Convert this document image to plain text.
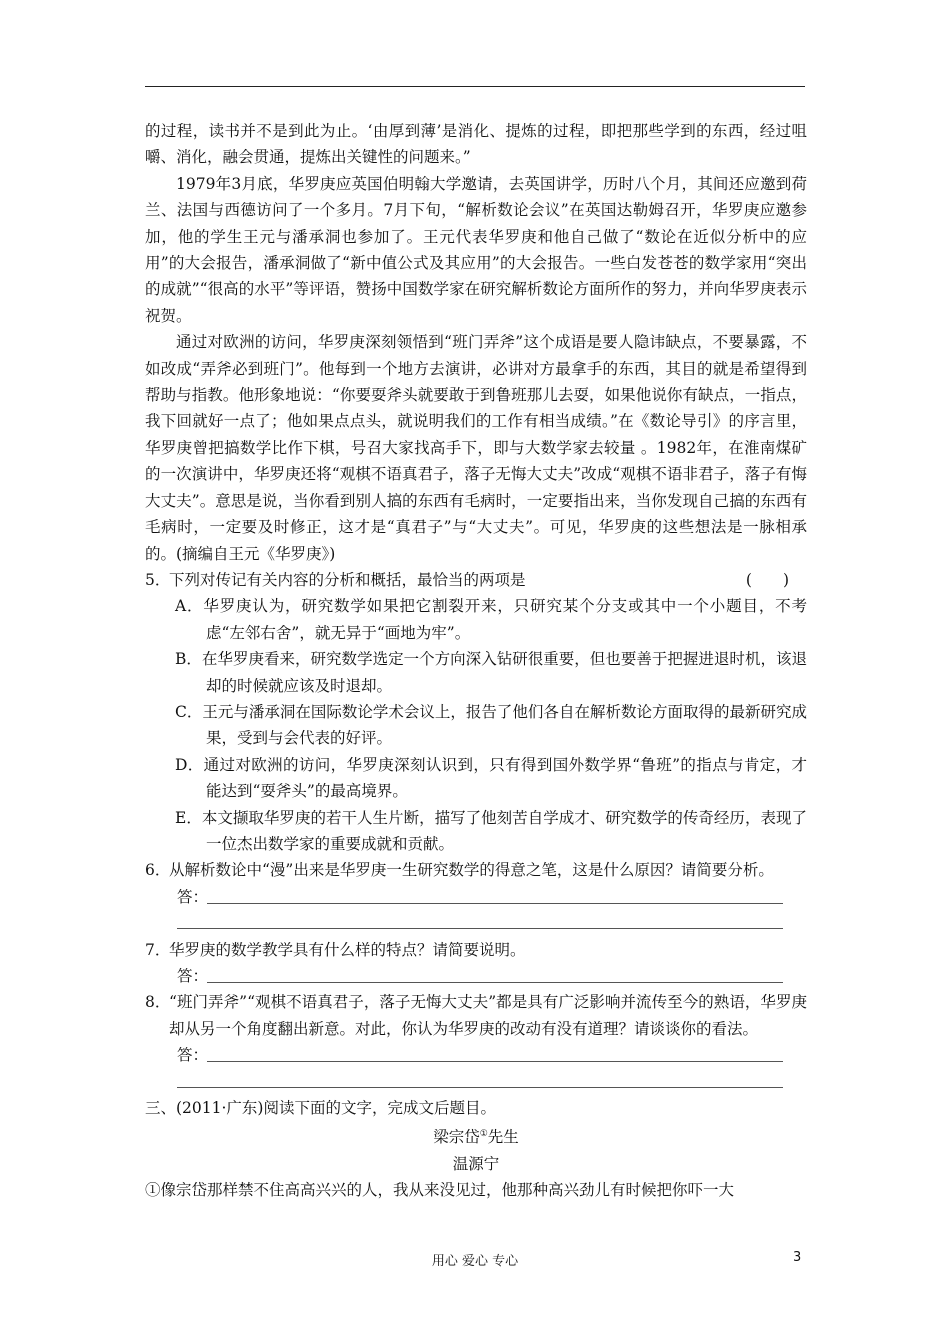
的过程，读书并不是到此为止。‘由厚到薄’是消化、提炼的过程，即把那些学到的东西，经过咀嚼、消化，融会贯通，提炼出关键性的问题来。”

1979年3月底，华罗庚应英国伯明翰大学邀请，去英国讲学，历时八个月，其间还应邀到荷兰、法国与西德访问了一个多月。7月下旬，“解析数论会议”在英国达勒姆召开，华罗庚应邀参加，他的学生王元与潘承洞也参加了。王元代表华罗庚和他自己做了“数论在近似分析中的应用”的大会报告，潘承洞做了“新中值公式及其应用”的大会报告。一些白发苍苍的数学家用“突出的成就”“很高的水平”等评语，赞扬中国数学家在研究解析数论方面所作的努力，并向华罗庚表示祝贺。

通过对欧洲的访问，华罗庚深刻领悟到“班门弄斧”这个成语是要人隐讳缺点，不要暴露，不如改成“弄斧必到班门”。他每到一个地方去演讲，必讲对方最拿手的东西，其目的就是希望得到帮助与指教。他形象地说：“你要耍斧头就要敢于到鲁班那儿去耍，如果他说你有缺点，一指点，我下回就好一点了；他如果点点头，就说明我们的工作有相当成绩。”在《数论导引》的序言里，华罗庚曾把搞数学比作下棋，号召大家找高手下，即与大数学家去较量 。1982年，在淮南煤矿的一次演讲中，华罗庚还将“观棋不语真君子，落子无悔大丈夫”改成“观棋不语非君子，落子有悔大丈夫”。意思是说，当你看到别人搞的东西有毛病时，一定要指出来，当你发现自己搞的东西有毛病时，一定要及时修正，这才是“真君子”与“大丈夫”。可见，华罗庚的这些想法是一脉相承的。(摘编自王元《华罗庚》)

5．	(　　)
下列对传记有关内容的分析和概括，最恰当的两项是

A．华罗庚认为，研究数学如果把它割裂开来，只研究某个分支或其中一个小题目，不考虑“左邻右舍”，就无异于“画地为牢”。

B．在华罗庚看来，研究数学选定一个方向深入钻研很重要，但也要善于把握进退时机，该退却的时候就应该及时退却。

C．王元与潘承洞在国际数论学术会议上，报告了他们各自在解析数论方面取得的最新研究成果，受到与会代表的好评。

D．通过对欧洲的访问，华罗庚深刻认识到，只有得到国外数学界“鲁班”的指点与肯定，才能达到“耍斧头”的最高境界。

E．本文撷取华罗庚的若干人生片断，描写了他刻苦自学成才、研究数学的传奇经历，表现了一位杰出数学家的重要成就和贡献。

6．
从解析数论中“漫”出来是华罗庚一生研究数学的得意之笔，这是什么原因？请简要分析。
答：
7．
华罗庚的数学教学具有什么样的特点？请简要说明。
答：
8．
“班门弄斧”“观棋不语真君子，落子无悔大丈夫”都是具有广泛影响并流传至今的熟语，华罗庚却从另一个角度翻出新意。对此，你认为华罗庚的改动有没有道理？请谈谈你的看法。
答：

三、(2011·广东)阅读下面的文字，完成文后题目。

梁宗岱①先生

温源宁

①像宗岱那样禁不住高高兴兴的人，我从来没见过，他那种高兴劲儿有时候把你吓一大

用心 爱心 专心	3
